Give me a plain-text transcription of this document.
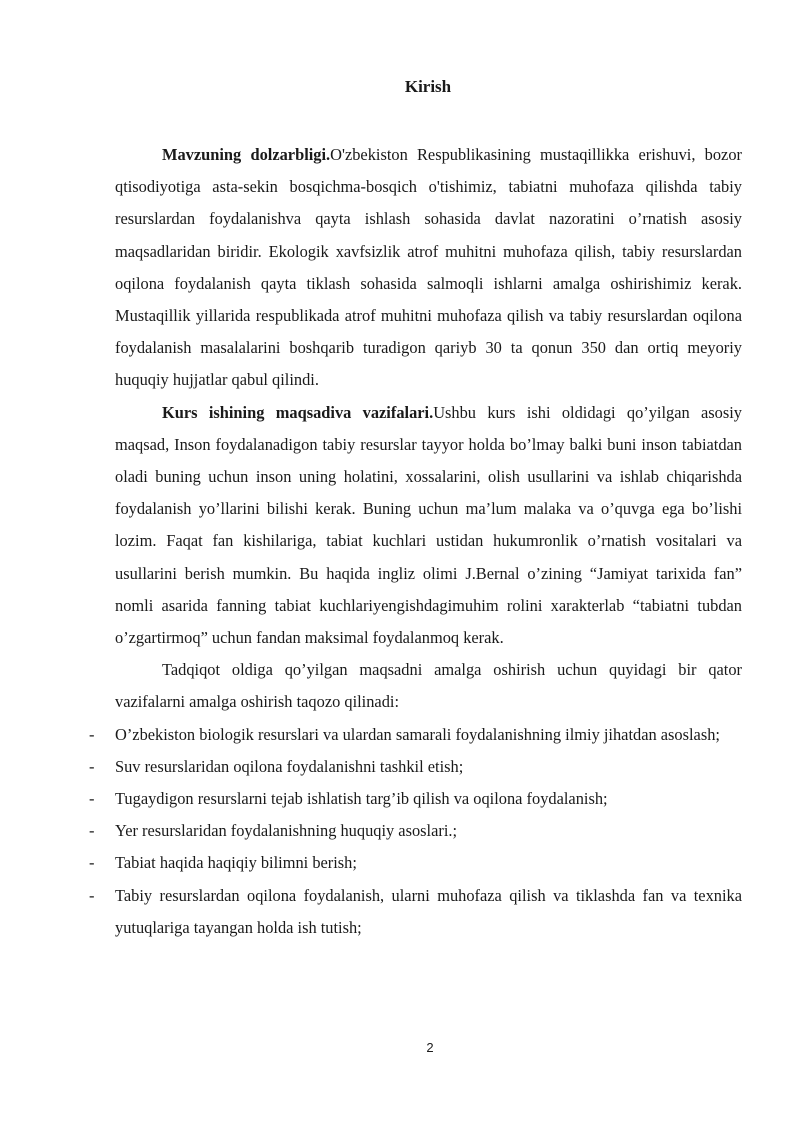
Kirish

Mavzuning dolzarbligi.O'zbekiston Respublikasining mustaqillikka erishuvi, bozor qtisodiyotiga asta-sekin bosqichma-bosqich o'tishimiz, tabiatni muhofaza qilishda tabiy resurslardan foydalanishva qayta ishlash sohasida davlat nazoratini o’rnatish asosiy maqsadlaridan biridir. Ekologik xavfsizlik atrof muhitni muhofaza qilish, tabiy resurslardan oqilona foydalanish qayta tiklash sohasida salmoqli ishlarni amalga oshirishimiz kerak. Mustaqillik yillarida respublikada atrof muhitni muhofaza qilish va tabiy resurslardan oqilona foydalanish masalalarini boshqarib turadigon qariyb 30 ta qonun 350 dan ortiq meyoriy huquqiy hujjatlar qabul qilindi.

Kurs ishining maqsadiva vazifalari.Ushbu kurs ishi oldidagi qo’yilgan asosiy maqsad, Inson foydalanadigon tabiy resurslar tayyor holda bo’lmay balki buni inson tabiatdan oladi buning uchun inson uning holatini, xossalarini, olish usullarini va ishlab chiqarishda foydalanish yo’llarini bilishi kerak. Buning uchun ma’lum malaka va o’quvga ega bo’lishi lozim. Faqat fan kishilariga, tabiat kuchlari ustidan hukumronlik o’rnatish vositalari va usullarini berish mumkin. Bu haqida ingliz olimi J.Bernal o’zining “Jamiyat tarixida fan” nomli asarida fanning tabiat kuchlariyengishdagimuhim rolini xarakterlab “tabiatni tubdan o’zgartirmoq” uchun fandan maksimal foydalanmoq kerak.

Tadqiqot oldiga qo’yilgan maqsadni amalga oshirish uchun quyidagi bir qator vazifalarni amalga oshirish taqozo qilinadi:

- O’zbekiston biologik resurslari va ulardan samarali foydalanishning ilmiy jihatdan asoslash;
- Suv resurslaridan oqilona foydalanishni tashkil etish;
- Tugaydigon resurslarni tejab ishlatish targ’ib qilish va oqilona foydalanish;
- Yer resurslaridan foydalanishning huquqiy asoslari.;
- Tabiat haqida haqiqiy bilimni berish;
- Tabiy resurslardan oqilona foydalanish, ularni muhofaza qilish va tiklashda fan va texnika yutuqlariga tayangan holda ish tutish;
2
